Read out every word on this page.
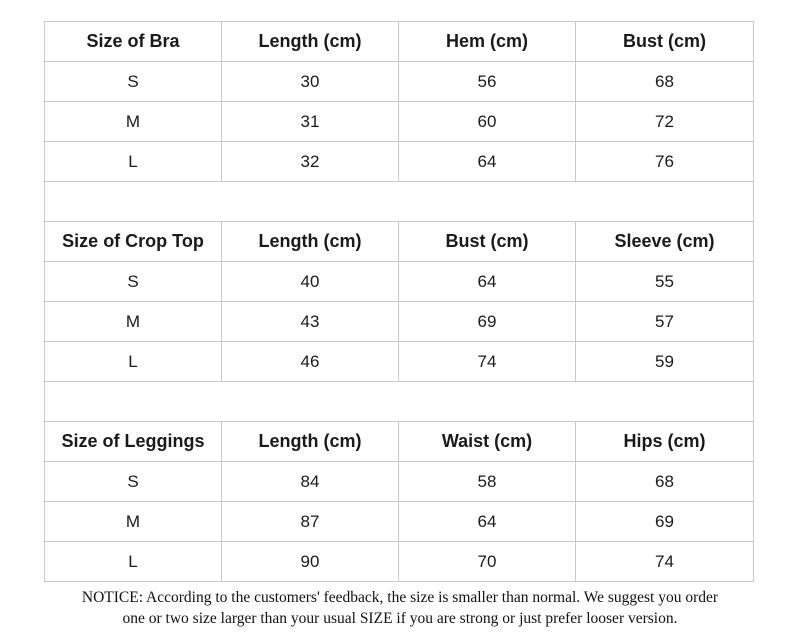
Size of Bra	Length (cm)	Hem (cm)	Bust (cm)
S	30	56	68
M	31	60	72
L	32	64	76

Size of Crop Top	Length (cm)	Bust (cm)	Sleeve (cm)
S	40	64	55
M	43	69	57
L	46	74	59

Size of Leggings	Length (cm)	Waist (cm)	Hips (cm)
S	84	58	68
M	87	64	69
L	90	70	74
NOTICE: According to the customers' feedback, the size is smaller than normal. We suggest you order
one or two size larger than your usual SIZE if you are strong or just prefer looser version.
